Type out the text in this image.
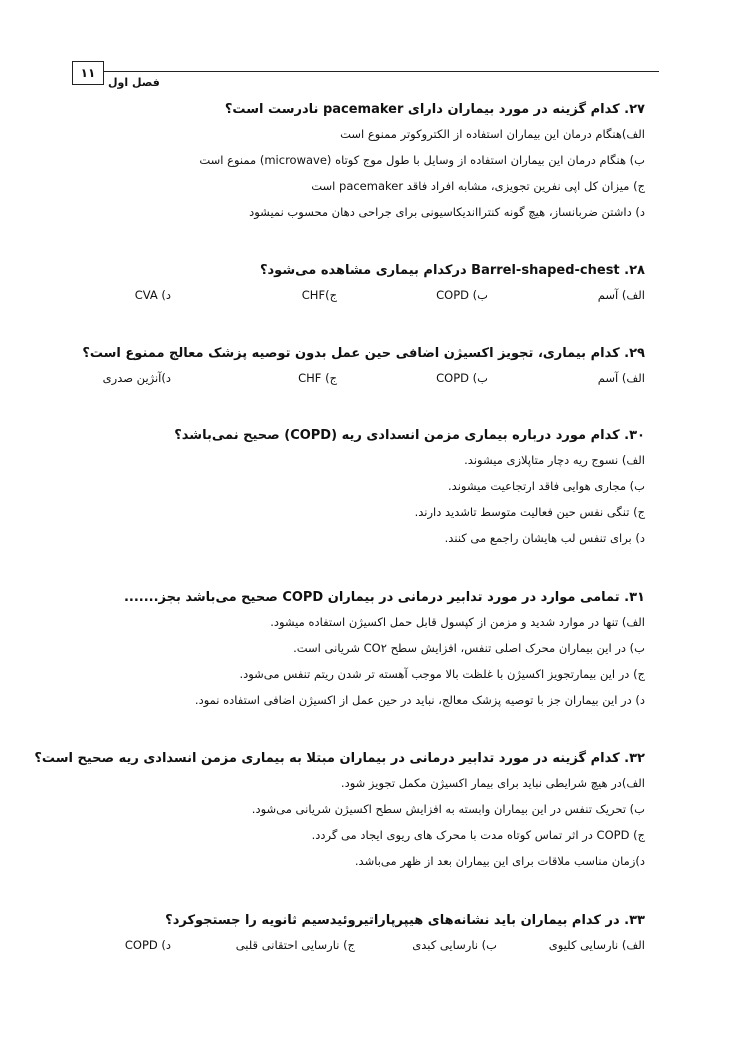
۱۱
فصل اول
۲۷. کدام گزینه در مورد بیماران دارای pacemaker نادرست است؟
الف)هنگام درمان این بیماران استفاده از الکتروکوتر ممنوع است
ب) هنگام درمان این بیماران استفاده از وسایل با طول موج کوتاه (microwave) ممنوع است
ج) میزان کل اپی نفرین تجویزی، مشابه افراد فاقد pacemaker است
د) داشتن ضربانساز، هیچ گونه کنترااندیکاسیونی برای جراحی دهان محسوب نمیشود
۲۸. Barrel-shaped-chest درکدام بیماری مشاهده می‌شود؟
الف) آسم
ب) COPD
ج)CHF
د) CVA
۲۹. کدام بیماری، تجویز اکسیژن اضافی حین عمل بدون توصیه پزشک معالج ممنوع است؟
الف) آسم
ب) COPD
ج) CHF
د)آنژین صدری
۳۰. کدام مورد درباره بیماری مزمن انسدادی ریه (COPD) صحیح نمی‌باشد؟
الف) نسوج ریه دچار متاپلازی میشوند.
ب) مجاری هوایی فاقد ارتجاعیت میشوند.
ج) تنگی نفس حین فعالیت متوسط تاشدید دارند.
د) برای تنفس لب هایشان راجمع می کنند.
۳۱. تمامی موارد در مورد تدابیر درمانی در بیماران COPD صحیح می‌باشد بجز.......
الف) تنها در موارد شدید و مزمن از کپسول قابل حمل اکسیژن استفاده میشود.
ب) در این بیماران محرک اصلی تنفس، افزایش سطح CO۲ شریانی است.
ج) در این بیمارتجویز اکسیژن با غلظت بالا موجب آهسته تر شدن ریتم تنفس می‌شود.
د) در این بیماران جز با توصیه پزشک معالج، نباید در حین عمل از اکسیژن اضافی استفاده نمود.
۳۲. کدام گزینه در مورد تدابیر درمانی در بیماران مبتلا به بیماری مزمن انسدادی ریه صحیح است؟
الف)در هیچ شرایطی نباید برای بیمار اکسیژن مکمل تجویز شود.
ب) تحریک تنفس در این بیماران وابسته به افزایش سطح اکسیژن شریانی می‌شود.
ج) COPD در اثر تماس کوتاه مدت با محرک های ریوی ایجاد می گردد.
د)زمان مناسب ملاقات برای این بیماران بعد از ظهر می‌باشد.
۳۳. در کدام بیماران باید نشانه‌های هیپرپاراتیروئیدسیم ثانویه را جستجوکرد؟
الف) نارسایی کلیوی
ب) نارسایی کبدی
ج) نارسایی احتقانی قلبی
د) COPD
